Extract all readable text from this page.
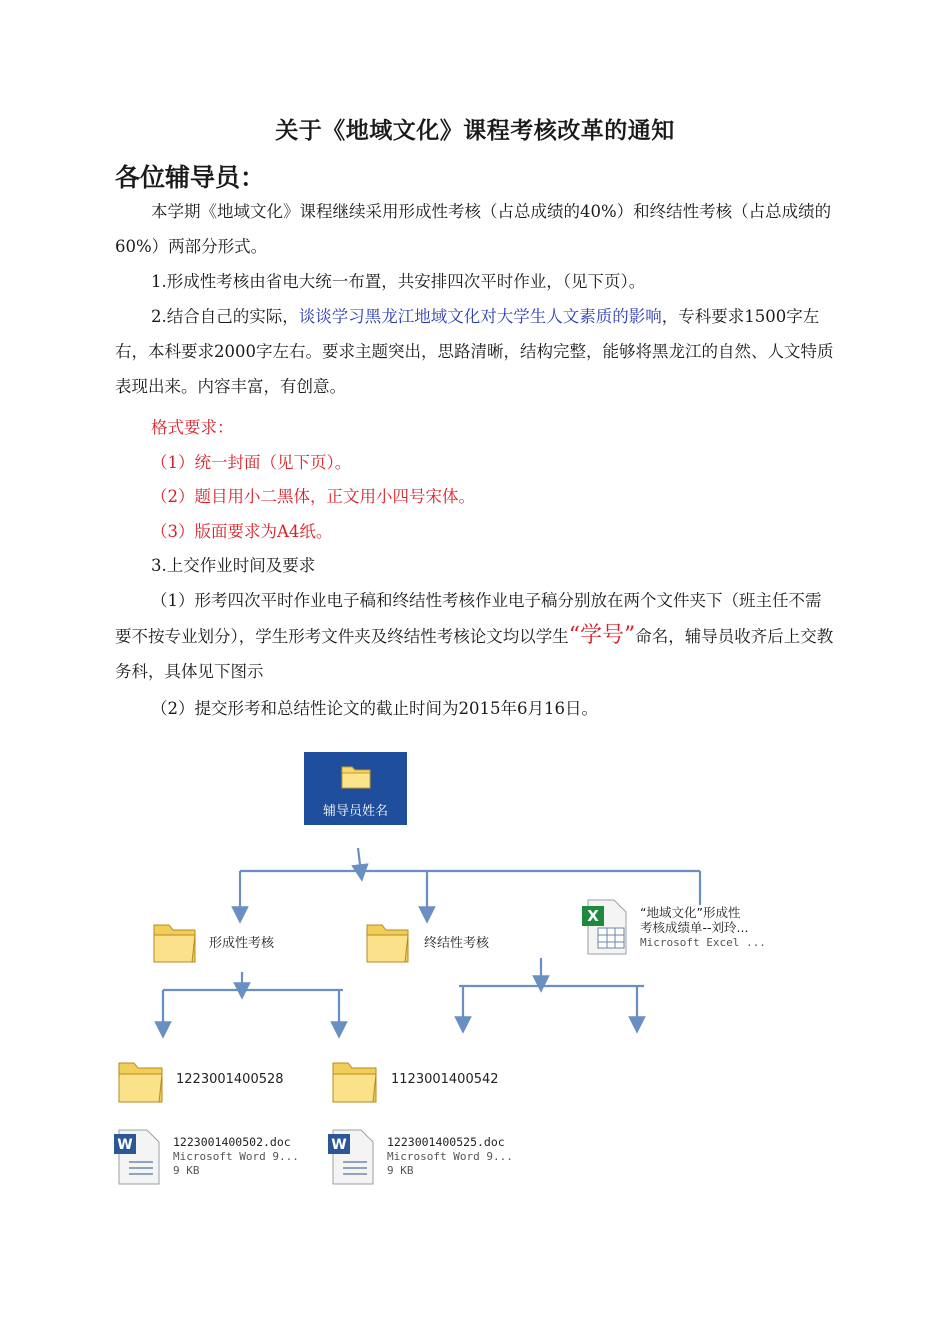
关于《地域文化》课程考核改革的通知
各位辅导员：
本学期《地域文化》课程继续采用形成性考核（占总成绩的40%）和终结性考核（占总成绩的60%）两部分形式。
1.形成性考核由省电大统一布置，共安排四次平时作业，（见下页）。
2.结合自己的实际，谈谈学习黑龙江地域文化对大学生人文素质的影响，专科要求1500字左右，本科要求2000字左右。要求主题突出，思路清晰，结构完整，能够将黑龙江的自然、人文特质表现出来。内容丰富，有创意。
格式要求：
（1）统一封面（见下页）。
（2）题目用小二黑体，正文用小四号宋体。
（3）版面要求为A4纸。
3.上交作业时间及要求
（1）形考四次平时作业电子稿和终结性考核作业电子稿分别放在两个文件夹下（班主任不需要不按专业划分），学生形考文件夹及终结性考核论文均以学生“学号”命名，辅导员收齐后上交教务科，具体见下图示
（2）提交形考和总结性论文的截止时间为2015年6月16日。
辅导员姓名
形成性考核	终结性考核
X	“地域文化”形成性
考核成绩单--刘玲...
Microsoft Excel ...
1223001400528	1123001400542
W	1223001400502.doc
Microsoft Word 9...
9 KB
W	1223001400525.doc
Microsoft Word 9...
9 KB
